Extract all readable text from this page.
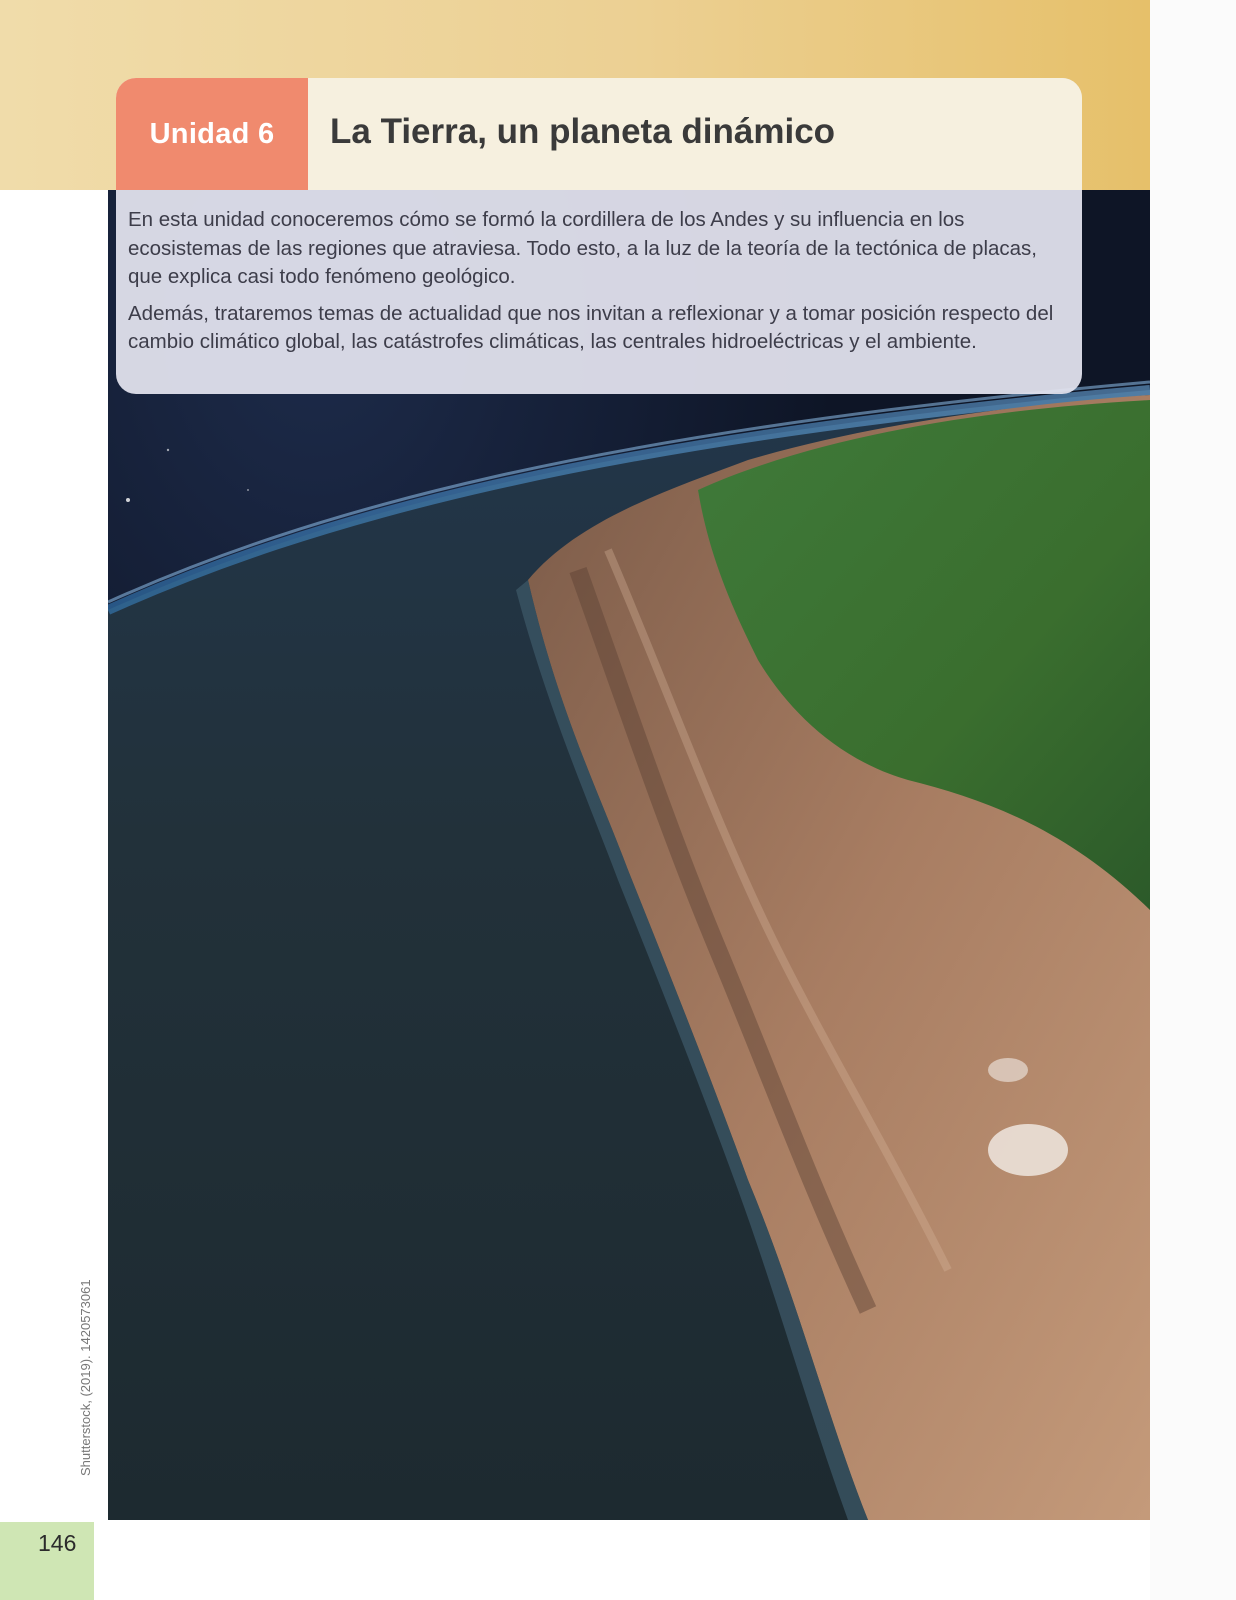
Unidad 6 La Tierra, un planeta dinámico

En esta unidad conoceremos cómo se formó la cordillera de los Andes y su influencia en los ecosistemas de las regiones que atraviesa. Todo esto, a la luz de la teoría de la tectónica de placas, que explica casi todo fenómeno geológico.

Además, trataremos temas de actualidad que nos invitan a reflexionar y a tomar posición respecto del cambio climático global, las catástrofes climáticas, las centrales hidroeléctricas y el ambiente.

Shutterstock, (2019). 1420573061
146
